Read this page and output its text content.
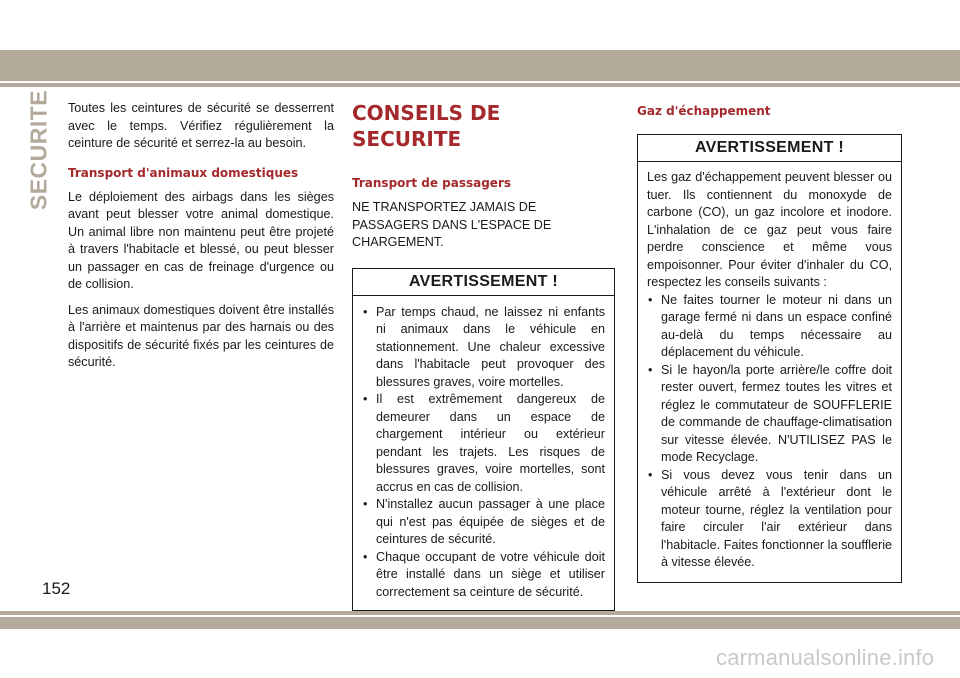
SECURITE Toutes les ceintures de sécurité se desserrent avec le temps. Vérifiez régulièrement la ceinture de sécurité et serrez-la au besoin.

Transport d'animaux domestiques

Le déploiement des airbags dans les sièges avant peut blesser votre animal domestique. Un animal libre non maintenu peut être projeté à travers l'habitacle et blessé, ou peut blesser un passager en cas de freinage d'urgence ou de collision.

Les animaux domestiques doivent être installés à l'arrière et maintenus par des harnais ou des dispositifs de sécurité fixés par les ceintures de sécurité.

CONSEILS DE SECURITE
Transport de passagers

NE TRANSPORTEZ JAMAIS DE PASSAGERS DANS L'ESPACE DE CHARGEMENT.

AVERTISSEMENT !
• Par temps chaud, ne laissez ni enfants ni animaux dans le véhicule en stationnement. Une chaleur excessive dans l'habitacle peut provoquer des blessures graves, voire mortelles.
• Il est extrêmement dangereux de demeurer dans un espace de chargement intérieur ou extérieur pendant les trajets. Les risques de blessures graves, voire mortelles, sont accrus en cas de collision.
• N'installez aucun passager à une place qui n'est pas équipée de sièges et de ceintures de sécurité.
• Chaque occupant de votre véhicule doit être installé dans un siège et utiliser correctement sa ceinture de sécurité.
Gaz d'échappement
AVERTISSEMENT !
Les gaz d'échappement peuvent blesser ou tuer. Ils contiennent du monoxyde de carbone (CO), un gaz incolore et inodore. L'inhalation de ce gaz peut vous faire perdre conscience et même vous empoisonner. Pour éviter d'inhaler du CO, respectez les conseils suivants :
• Ne faites tourner le moteur ni dans un garage fermé ni dans un espace confiné au-delà du temps nécessaire au déplacement du véhicule.
• Si le hayon/la porte arrière/le coffre doit rester ouvert, fermez toutes les vitres et réglez le commutateur de SOUFFLERIE de commande de chauffage-climatisation sur vitesse élevée. N'UTILISEZ PAS le mode Recyclage.
• Si vous devez vous tenir dans un véhicule arrêté à l'extérieur dont le moteur tourne, réglez la ventilation pour faire circuler l'air extérieur dans l'habitacle. Faites fonctionner la soufflerie à vitesse élevée.
152
carmanualsonline.info
